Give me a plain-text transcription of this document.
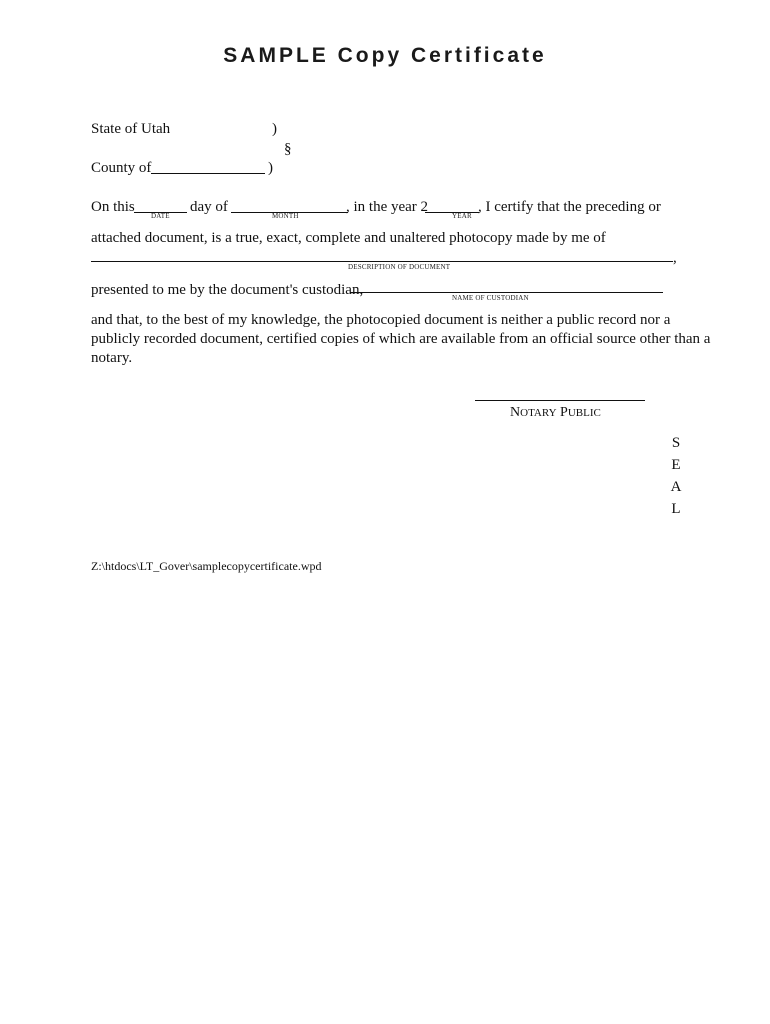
SAMPLE Copy Certificate
State of Utah	)
§
County of	)
On this
DATE
day of
MONTH
, in the year 2
YEAR
, I certify that the preceding or
attached document, is a true, exact, complete and unaltered photocopy made by me of
,
DESCRIPTION OF DOCUMENT
presented to me by the document's custodian,	NAME OF CUSTODIAN
and that, to the best of my knowledge, the photocopied document is neither a public record nor a
publicly recorded document, certified copies of which are available from an official source other than a
notary.
NOTARY PUBLIC
S
E
A
L
Z:\htdocs\LT_Gover\samplecopycertificate.wpd
